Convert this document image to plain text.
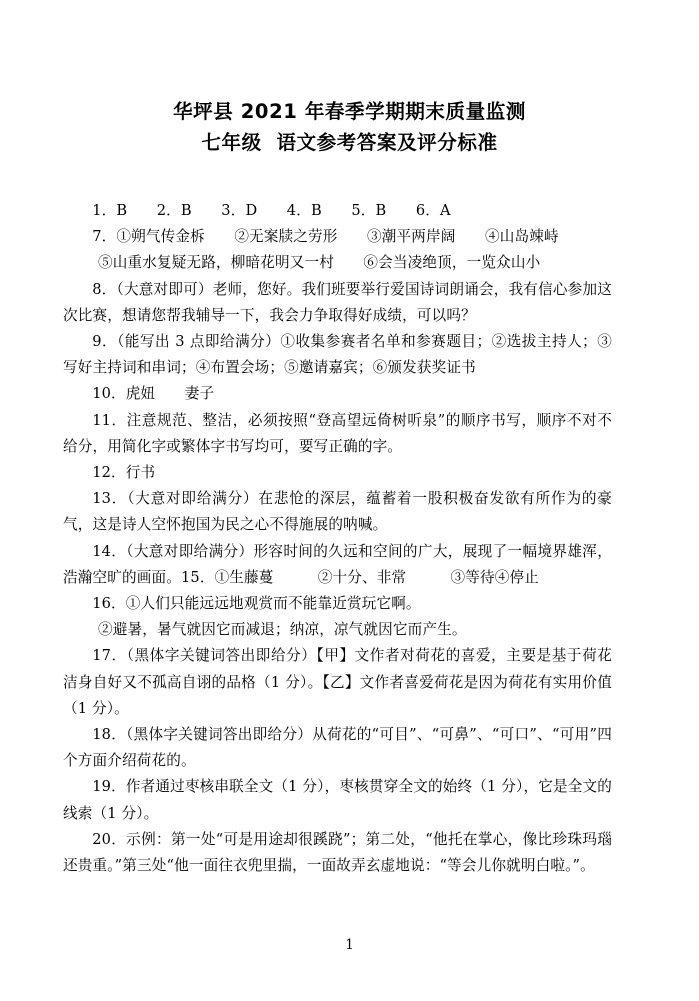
华坪县 2021 年春季学期期末质量监测
七年级  语文参考答案及评分标准

1．B　　2．B　　3．D　　4．B　　5．B　　6．A

7．①朔气传金柝　　②无案牍之劳形　　③潮平两岸阔　　④山岛竦峙

⑤山重水复疑无路，柳暗花明又一村　　⑥会当凌绝顶，一览众山小

8．（大意对即可）老师，您好。我们班要举行爱国诗词朗诵会，我有信心参加这次比赛，想请您帮我辅导一下，我会力争取得好成绩，可以吗？

9．（能写出 3 点即给满分）①收集参赛者名单和参赛题目；②选拔主持人；③写好主持词和串词；④布置会场；⑤邀请嘉宾；⑥颁发获奖证书

10．虎妞　　妻子

11．注意规范、整洁，必须按照“登高望远倚树听泉”的顺序书写，顺序不对不给分，用简化字或繁体字书写均可，要写正确的字。

12．行书

13．（大意对即给满分）在悲怆的深层，蕴蓄着一股积极奋发欲有所作为的豪气，这是诗人空怀抱国为民之心不得施展的呐喊。

14．（大意对即给满分）形容时间的久远和空间的广大，展现了一幅境界雄浑，浩瀚空旷的画面。15．①生藤蔓　　　②十分、非常　　　③等待④停止

16．①人们只能远远地观赏而不能靠近赏玩它啊。

②避暑，暑气就因它而减退；纳凉，凉气就因它而产生。

17．（黑体字关键词答出即给分）【甲】文作者对荷花的喜爱，主要是基于荷花洁身自好又不孤高自诩的品格（1 分）。【乙】文作者喜爱荷花是因为荷花有实用价值（1 分）。

18．（黑体字关键词答出即给分）从荷花的“可目”、“可鼻”、“可口”、“可用”四个方面介绍荷花的。

19．作者通过枣核串联全文（1 分），枣核贯穿全文的始终（1 分），它是全文的线索（1 分）。

20．示例：第一处“可是用途却很蹊跷”；第二处，“他托在掌心，像比珍珠玛瑙还贵重。”第三处“他一面往衣兜里揣，一面故弄玄虚地说：“等会儿你就明白啦。”。

1
